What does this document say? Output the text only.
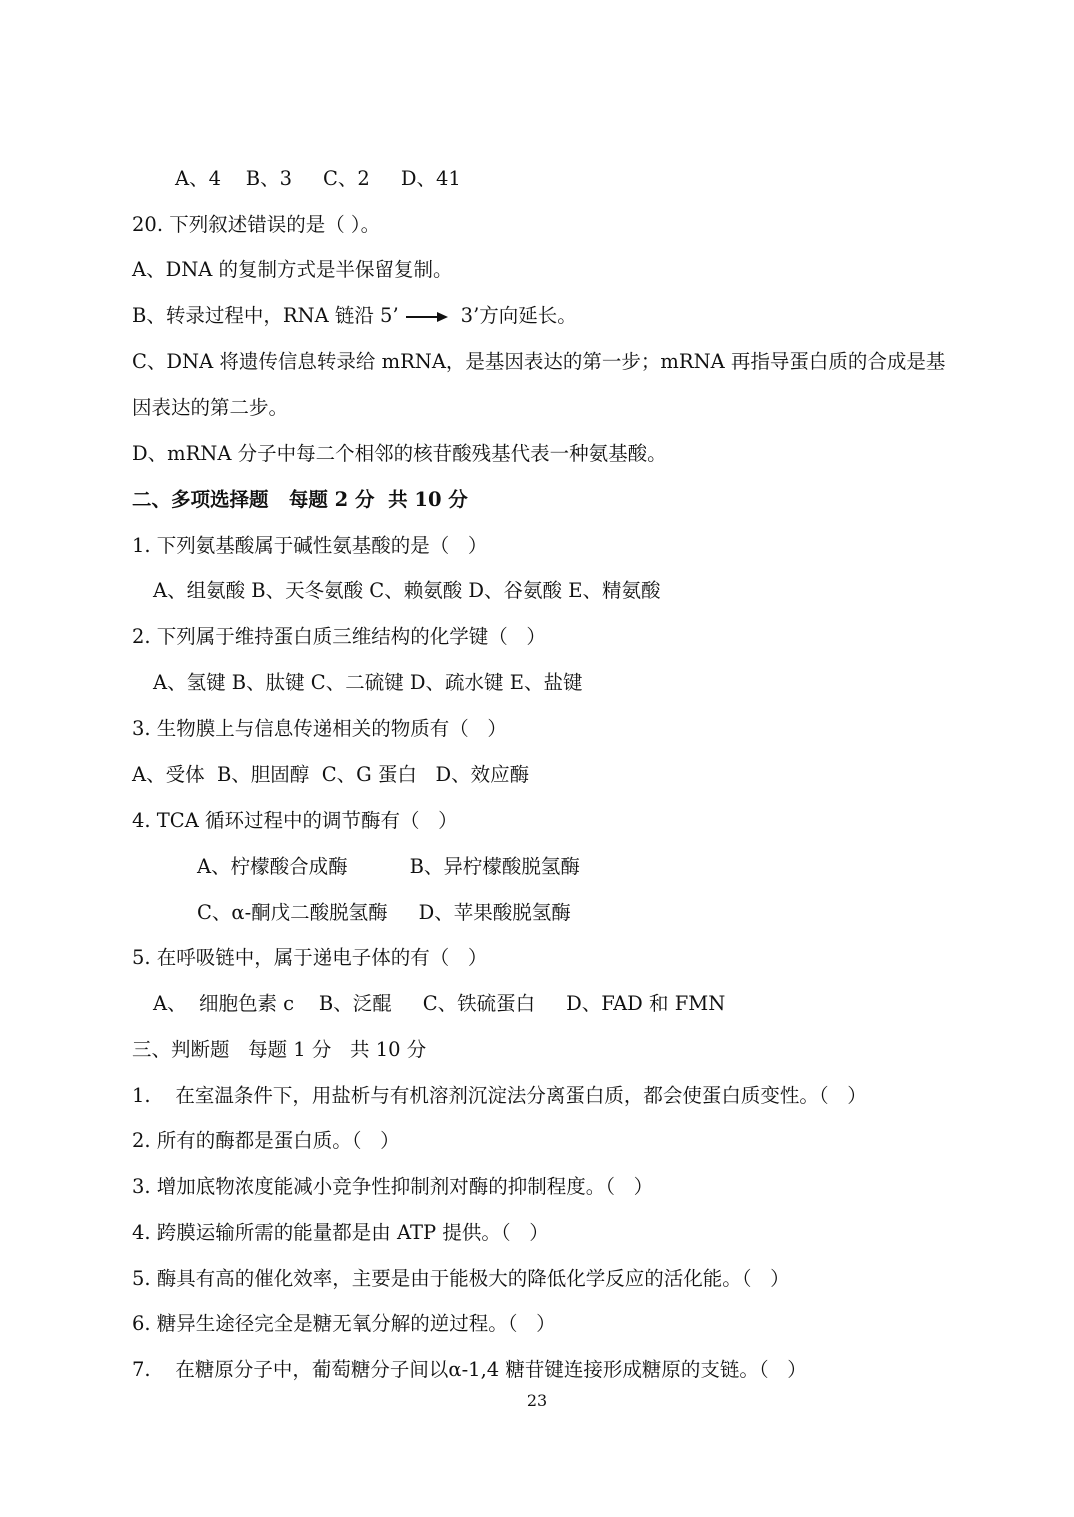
A、4    B、3     C、2     D、41

20. 下列叙述错误的是（ ）。

A、DNA 的复制方式是半保留复制。

B、转录过程中，RNA 链沿 5’	3’方向延长。

C、DNA 将遗传信息转录给 mRNA，是基因表达的第一步；mRNA 再指导蛋白质的合成是基

因表达的第二步。

D、mRNA 分子中每二个相邻的核苷酸残基代表一种氨基酸。

二、多项选择题   每题 2 分  共 10 分

1. 下列氨基酸属于碱性氨基酸的是（   ）

A、组氨酸 B、天冬氨酸 C、赖氨酸 D、谷氨酸 E、精氨酸

2. 下列属于维持蛋白质三维结构的化学键（   ）

A、氢键 B、肽键 C、二硫键 D、疏水键 E、盐键

3. 生物膜上与信息传递相关的物质有（   ）

A、受体  B、胆固醇  C、G 蛋白   D、效应酶

4. TCA 循环过程中的调节酶有（   ）

A、柠檬酸合成酶          B、异柠檬酸脱氢酶

C、α-酮戊二酸脱氢酶     D、苹果酸脱氢酶

5. 在呼吸链中，属于递电子体的有（   ）

A、  细胞色素 c    B、泛醌     C、铁硫蛋白     D、FAD 和 FMN

三、判断题   每题 1 分   共 10 分

1.    在室温条件下，用盐析与有机溶剂沉淀法分离蛋白质，都会使蛋白质变性。（   ）

2. 所有的酶都是蛋白质。（   ）

3. 增加底物浓度能减小竞争性抑制剂对酶的抑制程度。（   ）

4. 跨膜运输所需的能量都是由 ATP 提供。（   ）

5. 酶具有高的催化效率，主要是由于能极大的降低化学反应的活化能。（   ）

6. 糖异生途径完全是糖无氧分解的逆过程。（   ）

7.    在糖原分子中，葡萄糖分子间以α-1,4 糖苷键连接形成糖原的支链。（   ）

23
